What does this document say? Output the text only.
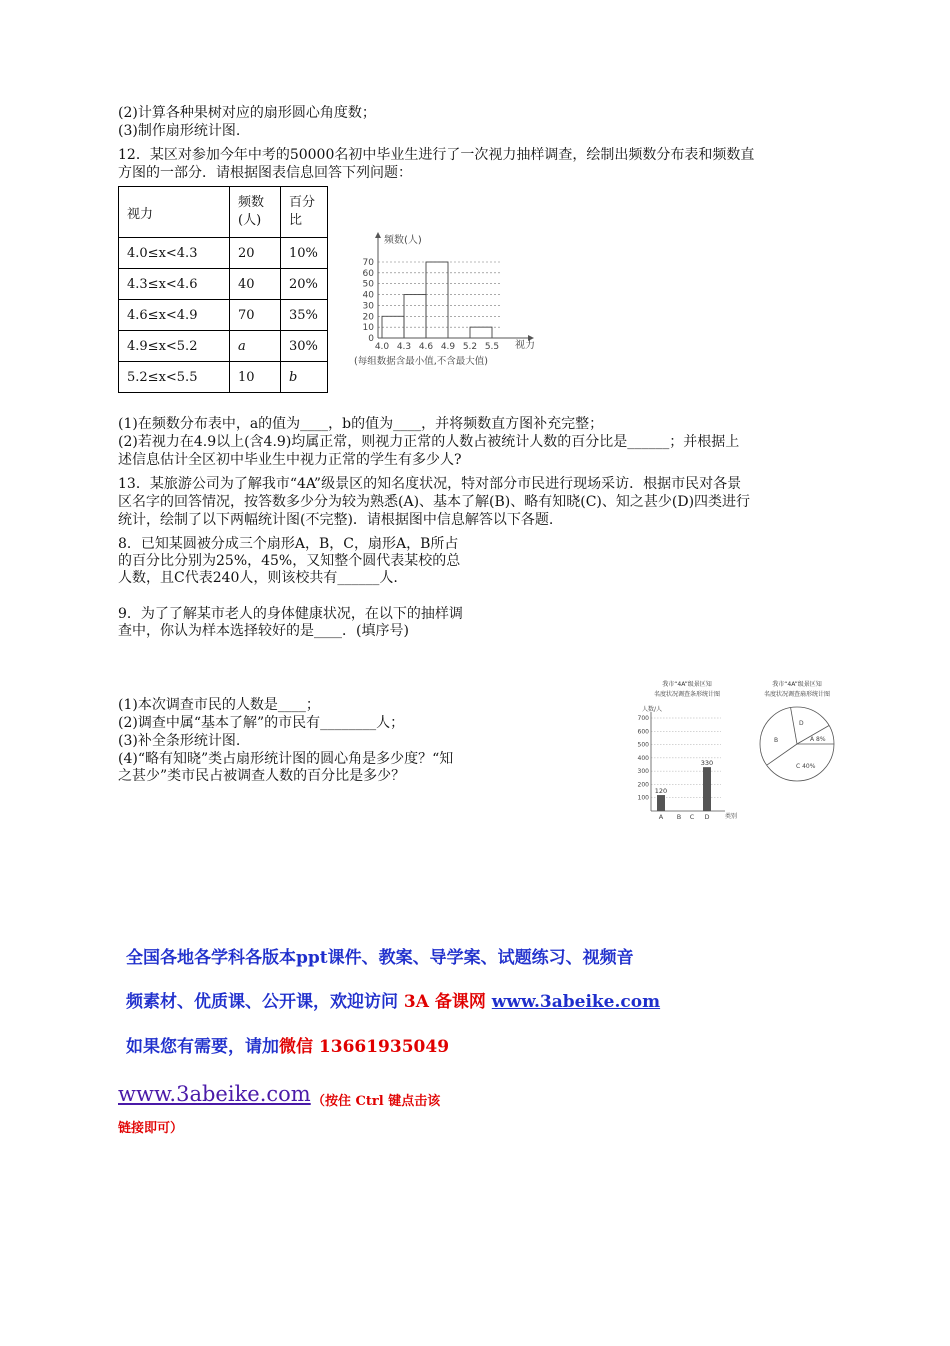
(2)计算各种果树对应的扇形圆心角度数；
(3)制作扇形统计图.
12．某区对参加今年中考的50000名初中毕业生进行了一次视力抽样调查，绘制出频数分布表和频数直
方图的一部分．请根据图表信息回答下列问题：
视力	频数(人)	百分比
4.0≤x<4.3	20	10%
4.3≤x<4.6	40	20%
4.6≤x<4.9	70	35%
4.9≤x<5.2	a	30%
5.2≤x<5.5	10	b
0
10
20
30
40
50
60
70
4.0 4.3 4.6 4.9 5.2 5.5
频数(人)
视力
(每组数据含最小值,不含最大值)
(1)在频数分布表中，a的值为____，b的值为____，并将频数直方图补充完整；
(2)若视力在4.9以上(含4.9)均属正常，则视力正常的人数占被统计人数的百分比是______；并根据上
述信息估计全区初中毕业生中视力正常的学生有多少人?
13．某旅游公司为了解我市“4A”级景区的知名度状况，特对部分市民进行现场采访．根据市民对各景
区名字的回答情况，按答数多少分为较为熟悉(A)、基本了解(B)、略有知晓(C)、知之甚少(D)四类进行
统计，绘制了以下两幅统计图(不完整)．请根据图中信息解答以下各题.
8．已知某圆被分成三个扇形A，B，C，扇形A，B所占的百分比分别为25%，45%，又知整个圆代表某校的总人数，且C代表240人，则该校共有______人.
9．为了了解某市老人的身体健康状况，在以下的抽样调查中，你认为样本选择较好的是____．(填序号)
(1)本次调查市民的人数是____；
(2)调查中属“基本了解”的市民有________人；
(3)补全条形统计图.
(4)“略有知晓”类占扇形统计图的圆心角是多少度？“知之甚少”类市民占被调查人数的百分比是多少？
我市“4A”级景区知
名度状况调查条形统计图
人数/人
120
330
100
200
300
400
500
600
700
A B C D	类别
我市“4A”级景区知
名度状况调查扇形统计图
D
B	A 8%
C 40%
全国各地各学科各版本ppt课件、教案、导学案、试题练习、视频音
频素材、优质课、公开课，欢迎访问 3A 备课网 www.3abeike.com
如果您有需要，请加微信 13661935049
www.3abeike.com （按住 Ctrl 键点击该
链接即可）
